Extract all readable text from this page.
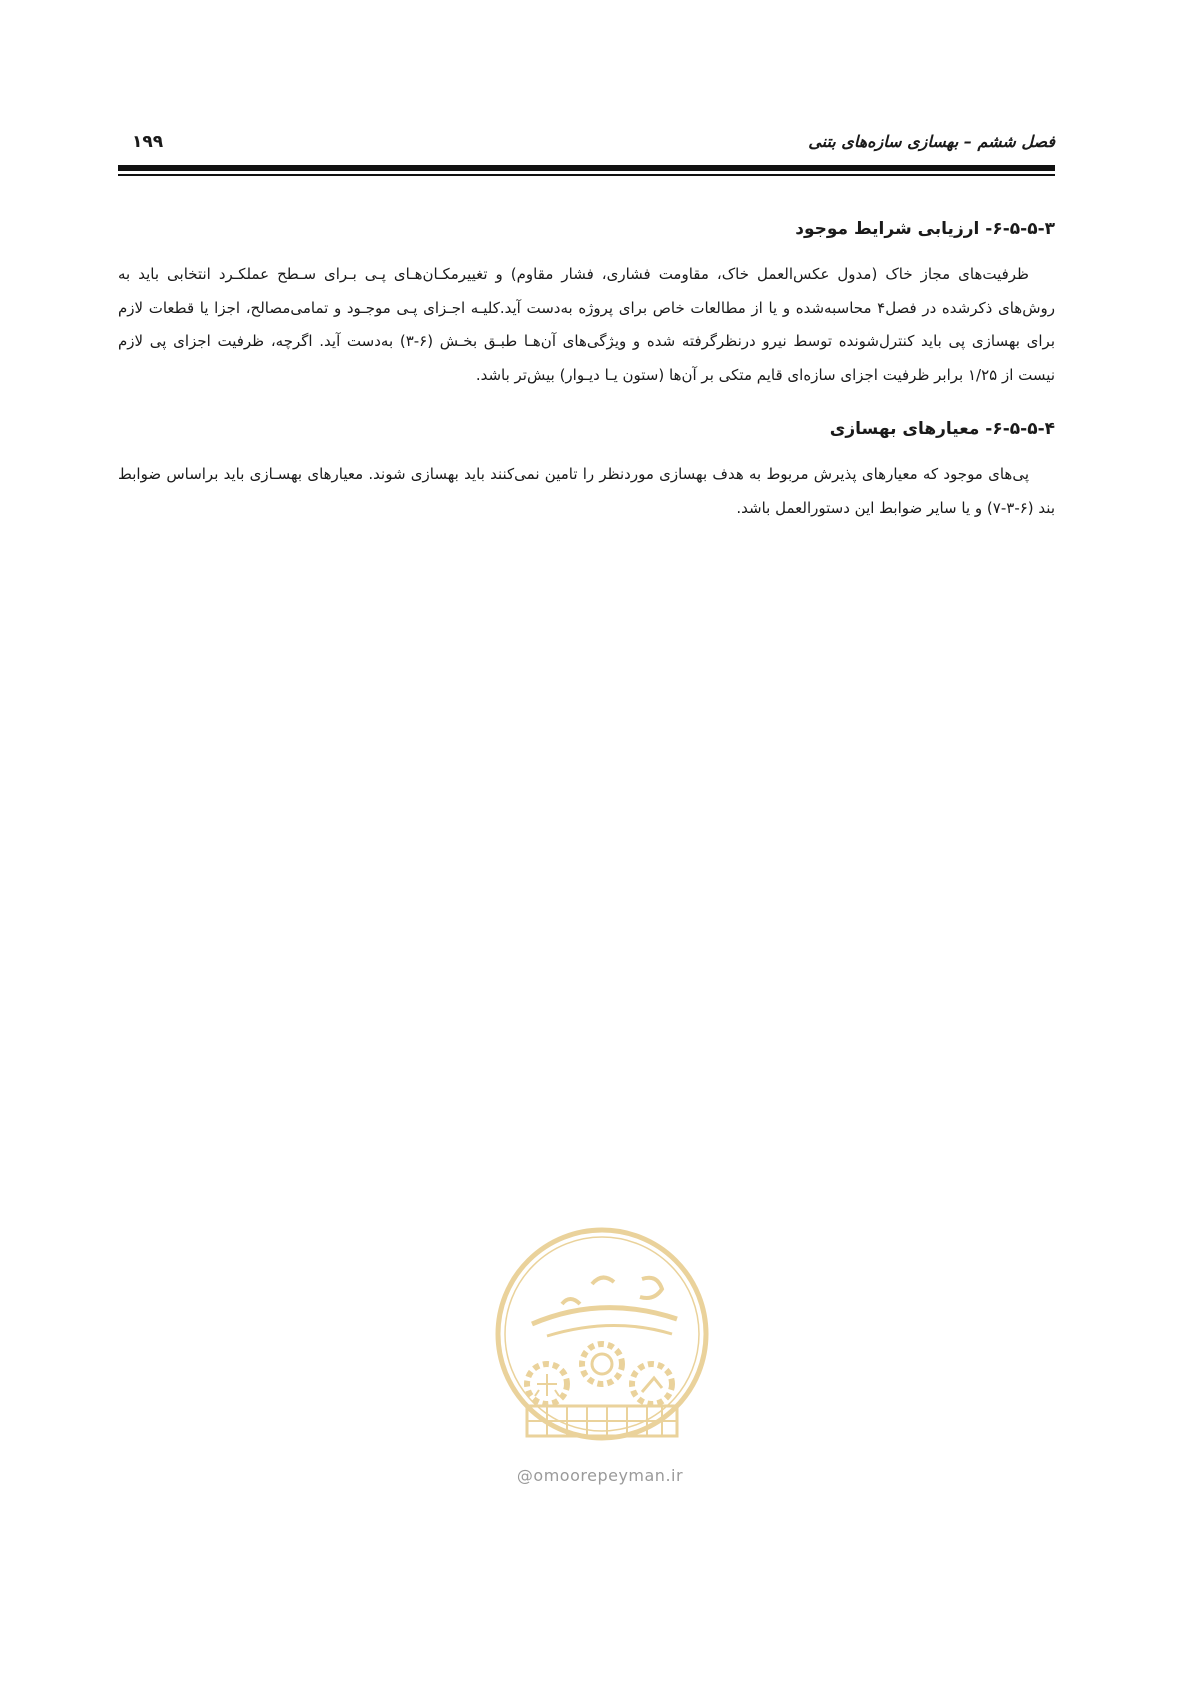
۱۹۹	فصل ششم – بهسازی سازه‌های بتنی
۶-۵-۵-۳- ارزیابی شرایط موجود

ظرفیت‌های مجاز خاک (مدول عکس‌العمل خاک، مقاومت فشاری، فشار مقاوم) و تغییرمکـان‌هـای پـی بـرای سـطح عملکـرد انتخابی باید به روش‌های ذکرشده در فصل۴ محاسبه‌شده و یا از مطالعات خاص برای پروژه به‌دست آید.کلیـه اجـزای پـی موجـود و تمامی‌مصالح، اجزا یا قطعات لازم برای بهسازی پی باید کنترل‌شونده توسط نیرو درنظرگرفته شده و ویژگی‌های آن‌هـا طبـق بخـش (۶-۳) به‌دست آید. اگرچه، ظرفیت اجزای پی لازم نیست از ۱/۲۵ برابر ظرفیت اجزای سازه‌ای قایم متکی بر آن‌ها (ستون یـا دیـوار) بیش‌تر باشد.

۶-۵-۵-۴- معیارهای بهسازی

پی‌های موجود که معیارهای پذیرش مربوط به هدف بهسازی موردنظر را تامین نمی‌کنند باید بهسازی شوند. معیارهای بهسـازی باید براساس ضوابط بند (۶-۳-۷) و یا سایر ضوابط این دستورالعمل باشد.

@omoorepeyman.ir
